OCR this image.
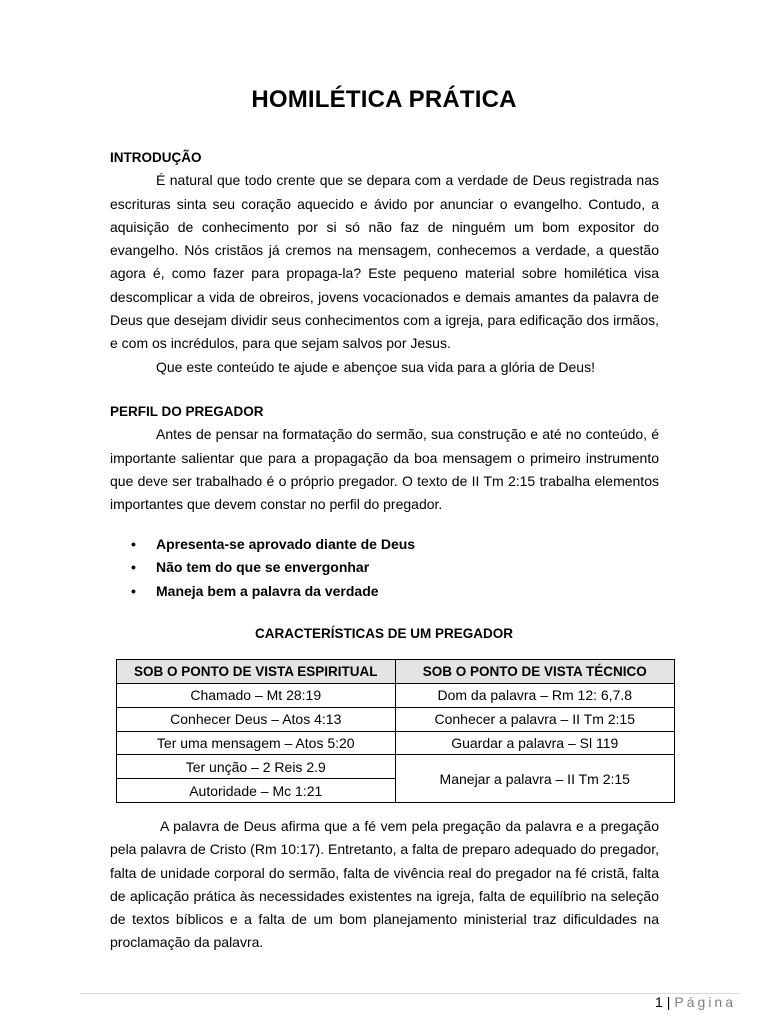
HOMILÉTICA PRÁTICA
INTRODUÇÃO

É natural que todo crente que se depara com a verdade de Deus registrada nas escrituras sinta seu coração aquecido e ávido por anunciar o evangelho. Contudo, a aquisição de conhecimento por si só não faz de ninguém um bom expositor do evangelho. Nós cristãos já cremos na mensagem, conhecemos a verdade, a questão agora é, como fazer para propaga-la? Este pequeno material sobre homilética visa descomplicar a vida de obreiros, jovens vocacionados e demais amantes da palavra de Deus que desejam dividir seus conhecimentos com a igreja, para edificação dos irmãos, e com os incrédulos, para que sejam salvos por Jesus.

Que este conteúdo te ajude e abençoe sua vida para a glória de Deus!

PERFIL DO PREGADOR

Antes de pensar na formatação do sermão, sua construção e até no conteúdo, é importante salientar que para a propagação da boa mensagem o primeiro instrumento que deve ser trabalhado é o próprio pregador. O texto de II Tm 2:15 trabalha elementos importantes que devem constar no perfil do pregador.

• Apresenta-se aprovado diante de Deus
• Não tem do que se envergonhar
• Maneja bem a palavra da verdade
CARACTERÍSTICAS DE UM PREGADOR
SOB O PONTO DE VISTA ESPIRITUAL	SOB O PONTO DE VISTA TÉCNICO
Chamado – Mt 28:19	Dom da palavra – Rm 12: 6,7.8
Conhecer Deus – Atos 4:13	Conhecer a palavra – II Tm 2:15
Ter uma mensagem – Atos 5:20	Guardar a palavra – Sl 119
Ter unção – 2 Reis 2.9	Manejar a palavra – II Tm 2:15
Autoridade – Mc 1:21	

A palavra de Deus afirma que a fé vem pela pregação da palavra e a pregação pela palavra de Cristo (Rm 10:17). Entretanto, a falta de preparo adequado do pregador, falta de unidade corporal do sermão, falta de vivência real do pregador na fé cristã, falta de aplicação prática às necessidades existentes na igreja, falta de equilíbrio na seleção de textos bíblicos e a falta de um bom planejamento ministerial traz dificuldades na proclamação da palavra.

1 | Página
